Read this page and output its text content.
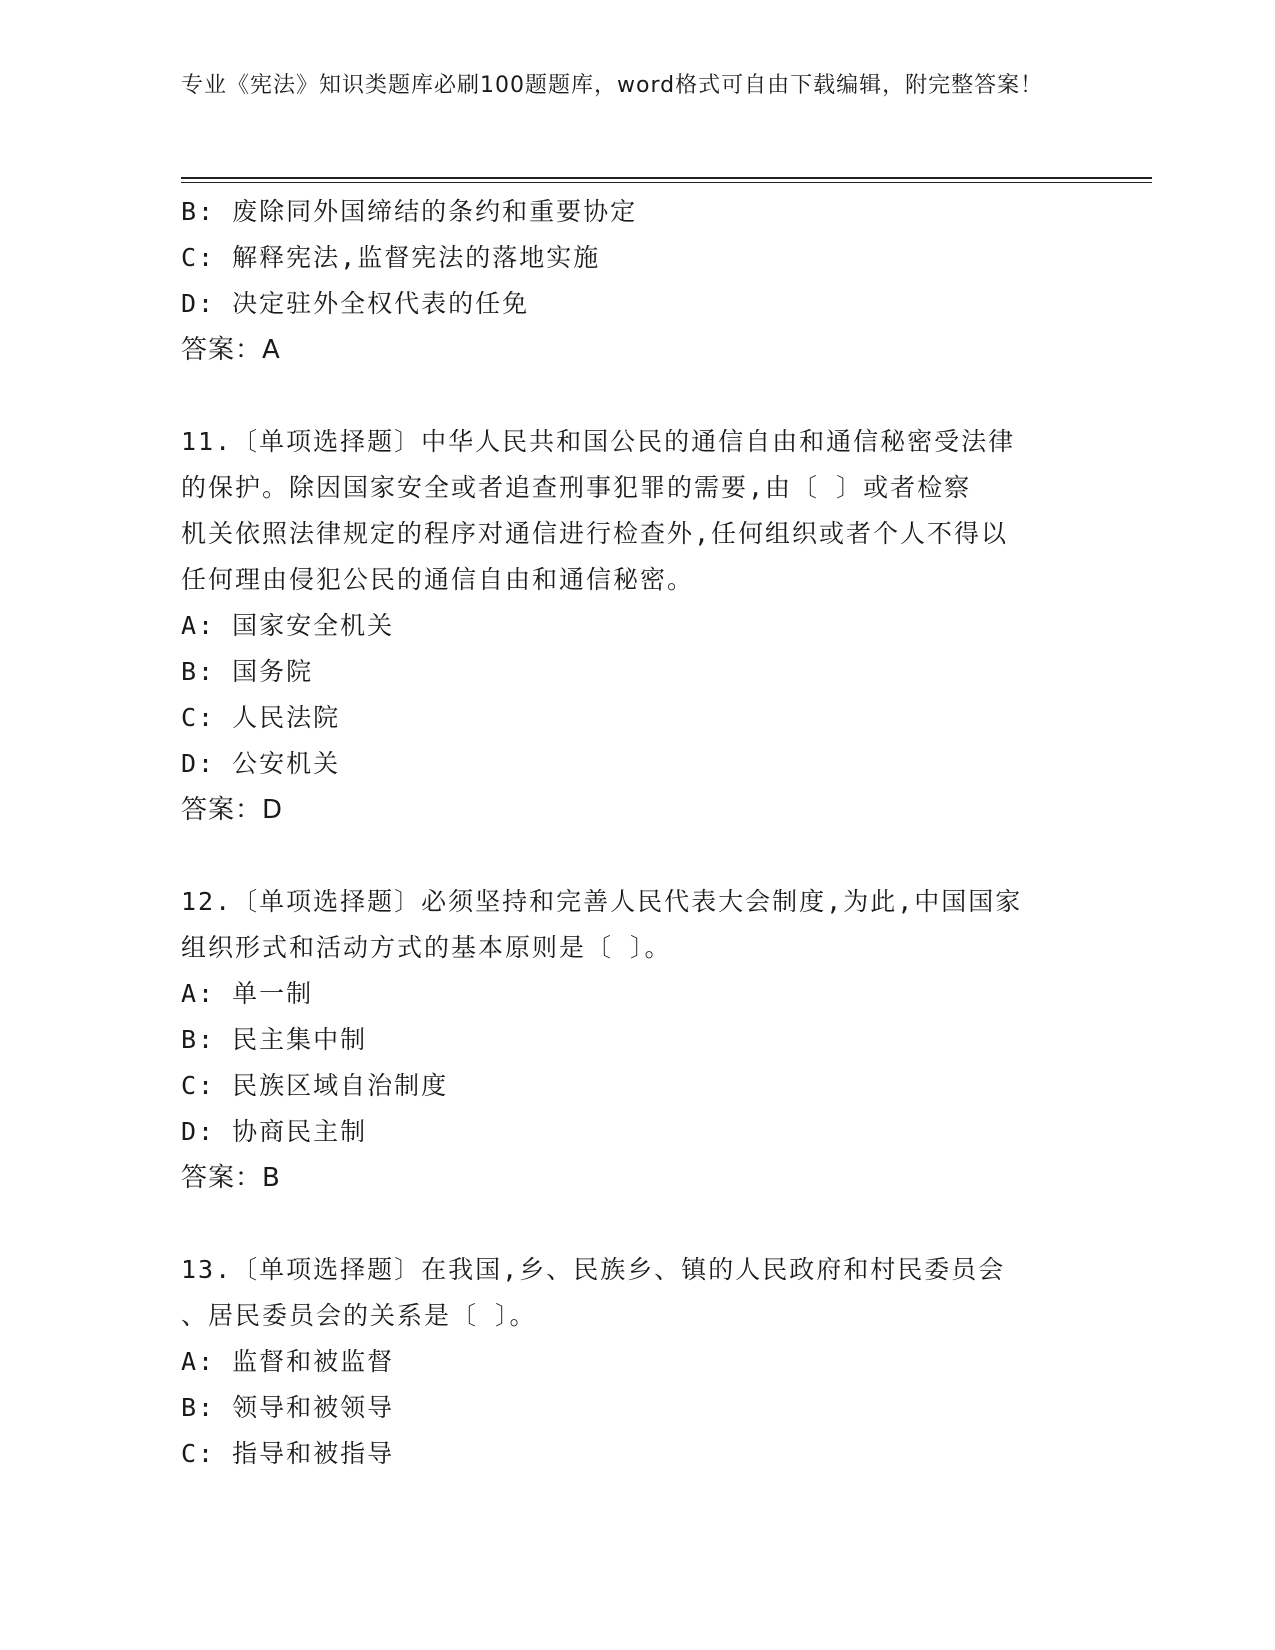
专业《宪法》知识类题库必刷100题题库，word格式可自由下载编辑，附完整答案！
B: 废除同外国缔结的条约和重要协定
C: 解释宪法,监督宪法的落地实施
D: 决定驻外全权代表的任免
答案：A
11.〔单项选择题〕中华人民共和国公民的通信自由和通信秘密受法律
的保护。除因国家安全或者追查刑事犯罪的需要,由〔 〕或者检察
机关依照法律规定的程序对通信进行检查外,任何组织或者个人不得以
任何理由侵犯公民的通信自由和通信秘密。
A: 国家安全机关
B: 国务院
C: 人民法院
D: 公安机关
答案：D
12.〔单项选择题〕必须坚持和完善人民代表大会制度,为此,中国国家
组织形式和活动方式的基本原则是〔 〕。
A: 单一制
B: 民主集中制
C: 民族区域自治制度
D: 协商民主制
答案：B
13.〔单项选择题〕在我国,乡、民族乡、镇的人民政府和村民委员会
、居民委员会的关系是〔 〕。
A: 监督和被监督
B: 领导和被领导
C: 指导和被指导
